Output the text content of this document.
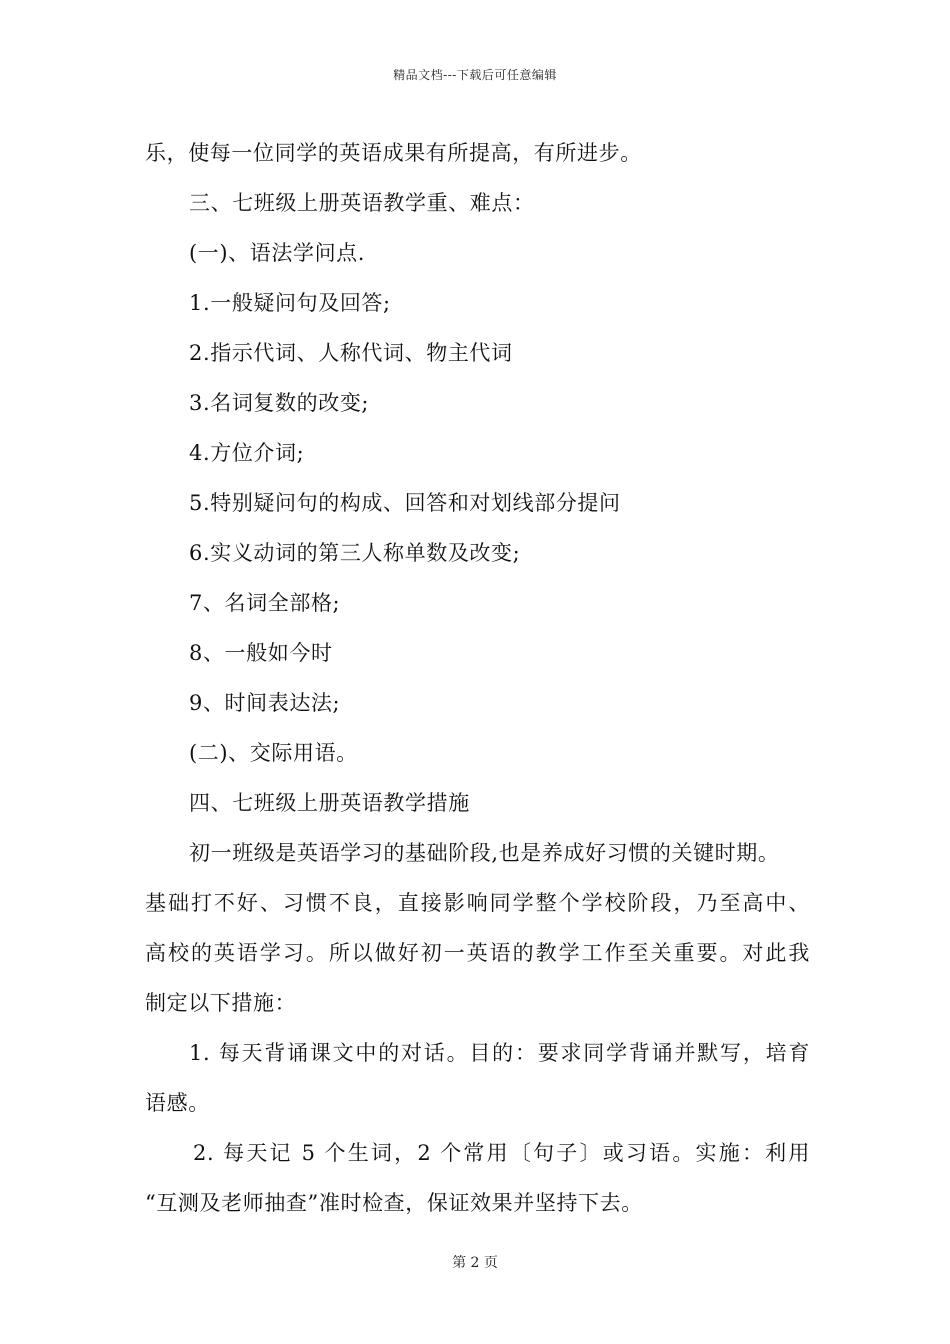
精品文档---下载后可任意编辑
乐，使每一位同学的英语成果有所提高，有所进步。
三、七班级上册英语教学重、难点：
(一)、语法学问点.
1.一般疑问句及回答;
2.指示代词、人称代词、物主代词
3.名词复数的改变;
4.方位介词;
5.特别疑问句的构成、回答和对划线部分提问
6.实义动词的第三人称单数及改变;
7、名词全部格;
8、一般如今时
9、时间表达法;
(二)、交际用语。
四、七班级上册英语教学措施
初一班级是英语学习的基础阶段,也是养成好习惯的关键时期。
基础打不好、习惯不良，直接影响同学整个学校阶段，乃至高中、
高校的英语学习。所以做好初一英语的教学工作至关重要。对此我
制定以下措施：
1. 每天背诵课文中的对话。目的：要求同学背诵并默写，培育
语感。
2. 每天记 5 个生词，2 个常用〔句子〕或习语。实施：利用
“互测及老师抽查”准时检查，保证效果并坚持下去。
第 2 页
